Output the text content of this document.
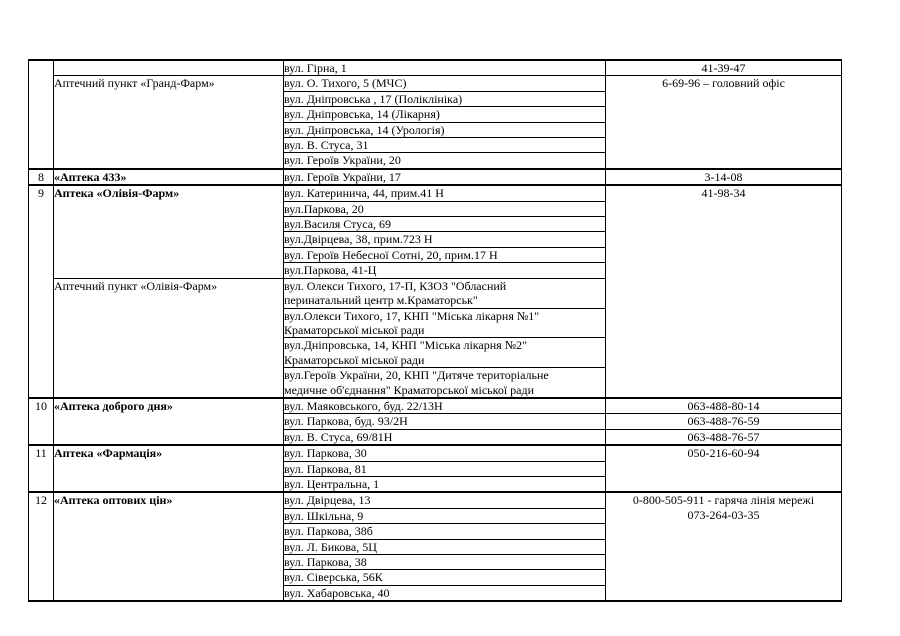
		вул. Гірна, 1	41-39-47
	Аптечний пункт «Гранд-Фарм»	вул. О. Тихого, 5 (МЧС)	6-69-96 – головний офіс
		вул. Дніпровська , 17 (Поліклініка)	
		вул. Дніпровська, 14 (Лікарня)	
		вул. Дніпровська, 14 (Урологія)	
		вул. В. Стуса, 31	
		вул. Героїв України, 20	
8	«Аптека 433»	вул. Героїв України, 17	3-14-08
9	Аптека «Олівія-Фарм»	вул. Катеринича, 44, прим.41 Н	41-98-34
		вул.Паркова, 20	
		вул.Василя Стуса, 69	
		вул.Двірцева, 38, прим.723 Н	
		вул. Героїв Небесної Сотні, 20, прим.17 Н	
		вул.Паркова, 41-Ц	
	Аптечний пункт «Олівія-Фарм»	вул. Олекси Тихого, 17-П, КЗОЗ "Обласний
перинатальний центр м.Краматорськ"	

		вул.Олекси Тихого, 17, КНП "Міська лікарня №1"
Краматорської міської ради	

		вул.Дніпровська, 14, КНП "Міська лікарня №2"
Краматорської міської ради	

		вул.Героїв України, 20, КНП "Дитяче територіальне
медичне об'єднання" Краматорської міської ради	

10	«Аптека доброго дня»	вул. Маяковського, буд. 22/13Н	063-488-80-14
		вул. Паркова, буд. 93/2Н	063-488-76-59
		вул. В. Стуса, 69/81Н	063-488-76-57
11	Аптека «Фармація»	вул. Паркова, 30	050-216-60-94
		вул. Паркова, 81	
		вул. Центральна, 1	
12	«Аптека оптових цін»	вул. Двірцева, 13	0-800-505-911 - гаряча лінія мережі
073-264-03-35

		вул. Шкільна, 9	
		вул. Паркова, 38б	
		вул. Л. Бикова, 5Ц	
		вул. Паркова, 38	
		вул. Сіверська, 56К	
		вул. Хабаровська, 40	
